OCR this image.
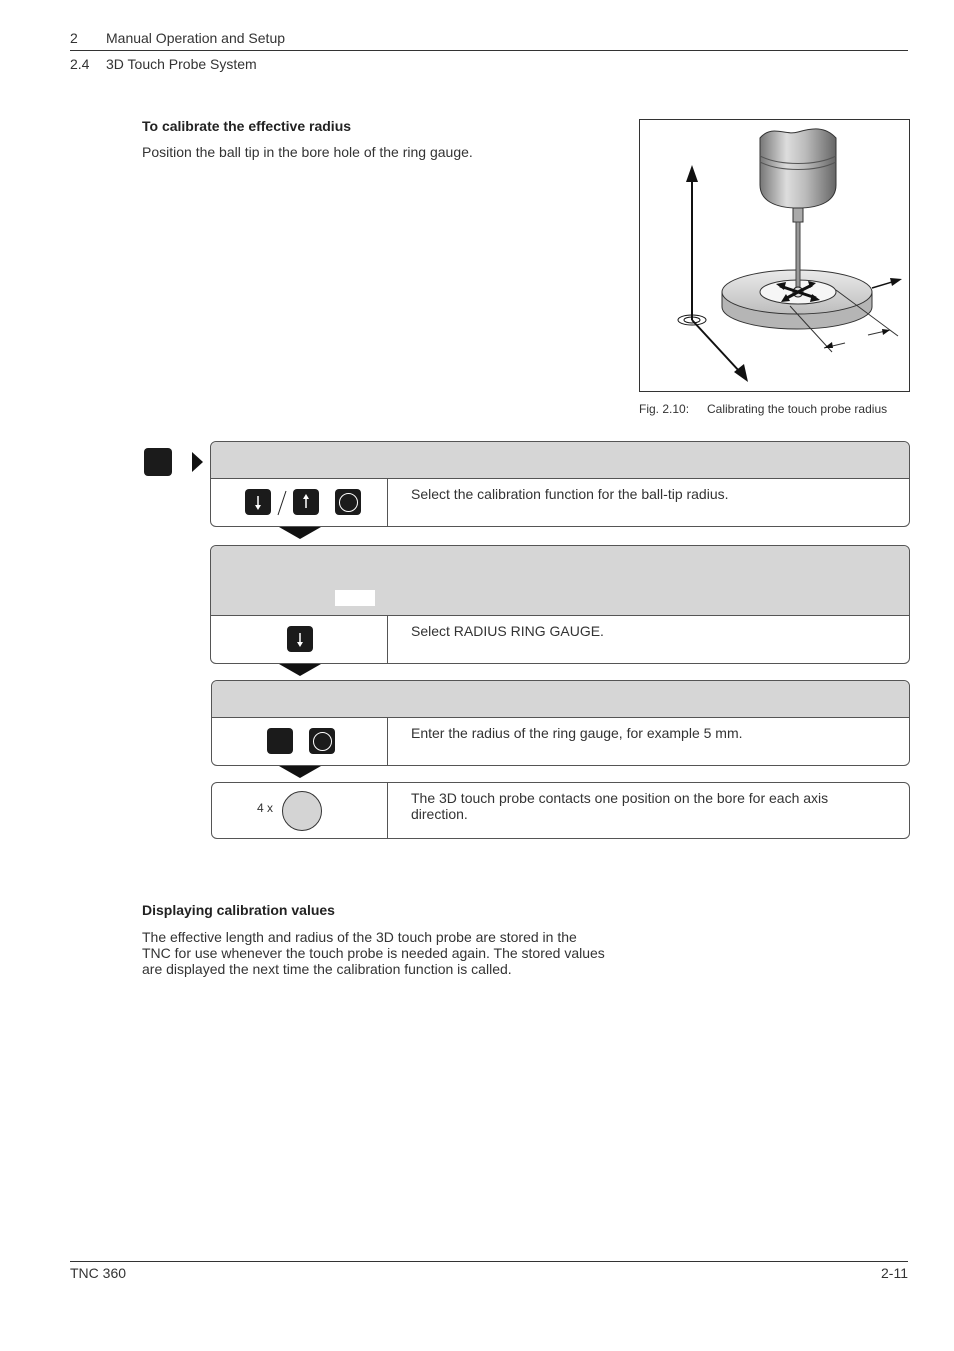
2 Manual Operation and Setup
2.4 3D Touch Probe System
To calibrate the effective radius
Position the ball tip in the bore hole of the ring gauge.
Fig. 2.10: Calibrating the touch probe radius
Select the calibration function for the ball-tip radius.
Select RADIUS RING GAUGE.
Enter the radius of the ring gauge, for example 5 mm.
4 x
The 3D touch probe contacts one position on the bore for each axis direction.
Displaying calibration values
The effective length and radius of the 3D touch probe are stored in the
TNC for use whenever the touch probe is needed again. The stored values
are displayed the next time the calibration function is called.
TNC 360	2-11
